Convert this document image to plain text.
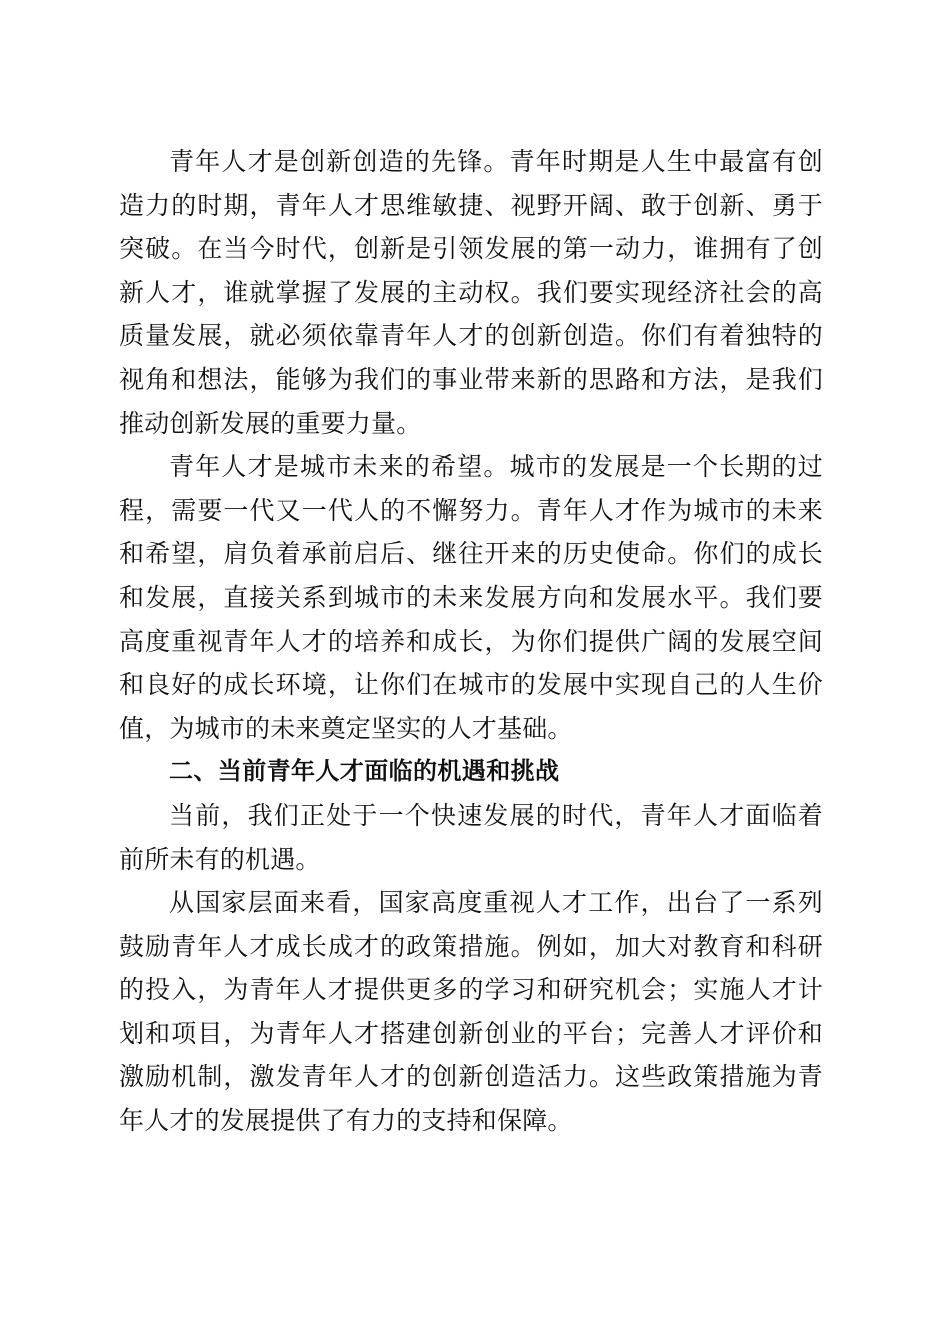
青年人才是创新创造的先锋。青年时期是人生中最富有创造力的时期，青年人才思维敏捷、视野开阔、敢于创新、勇于突破。在当今时代，创新是引领发展的第一动力，谁拥有了创新人才，谁就掌握了发展的主动权。我们要实现经济社会的高质量发展，就必须依靠青年人才的创新创造。你们有着独特的视角和想法，能够为我们的事业带来新的思路和方法，是我们推动创新发展的重要力量。

青年人才是城市未来的希望。城市的发展是一个长期的过程，需要一代又一代人的不懈努力。青年人才作为城市的未来和希望，肩负着承前启后、继往开来的历史使命。你们的成长和发展，直接关系到城市的未来发展方向和发展水平。我们要高度重视青年人才的培养和成长，为你们提供广阔的发展空间和良好的成长环境，让你们在城市的发展中实现自己的人生价值，为城市的未来奠定坚实的人才基础。

二、当前青年人才面临的机遇和挑战

当前，我们正处于一个快速发展的时代，青年人才面临着前所未有的机遇。

从国家层面来看，国家高度重视人才工作，出台了一系列鼓励青年人才成长成才的政策措施。例如，加大对教育和科研的投入，为青年人才提供更多的学习和研究机会；实施人才计划和项目，为青年人才搭建创新创业的平台；完善人才评价和激励机制，激发青年人才的创新创造活力。这些政策措施为青年人才的发展提供了有力的支持和保障。
